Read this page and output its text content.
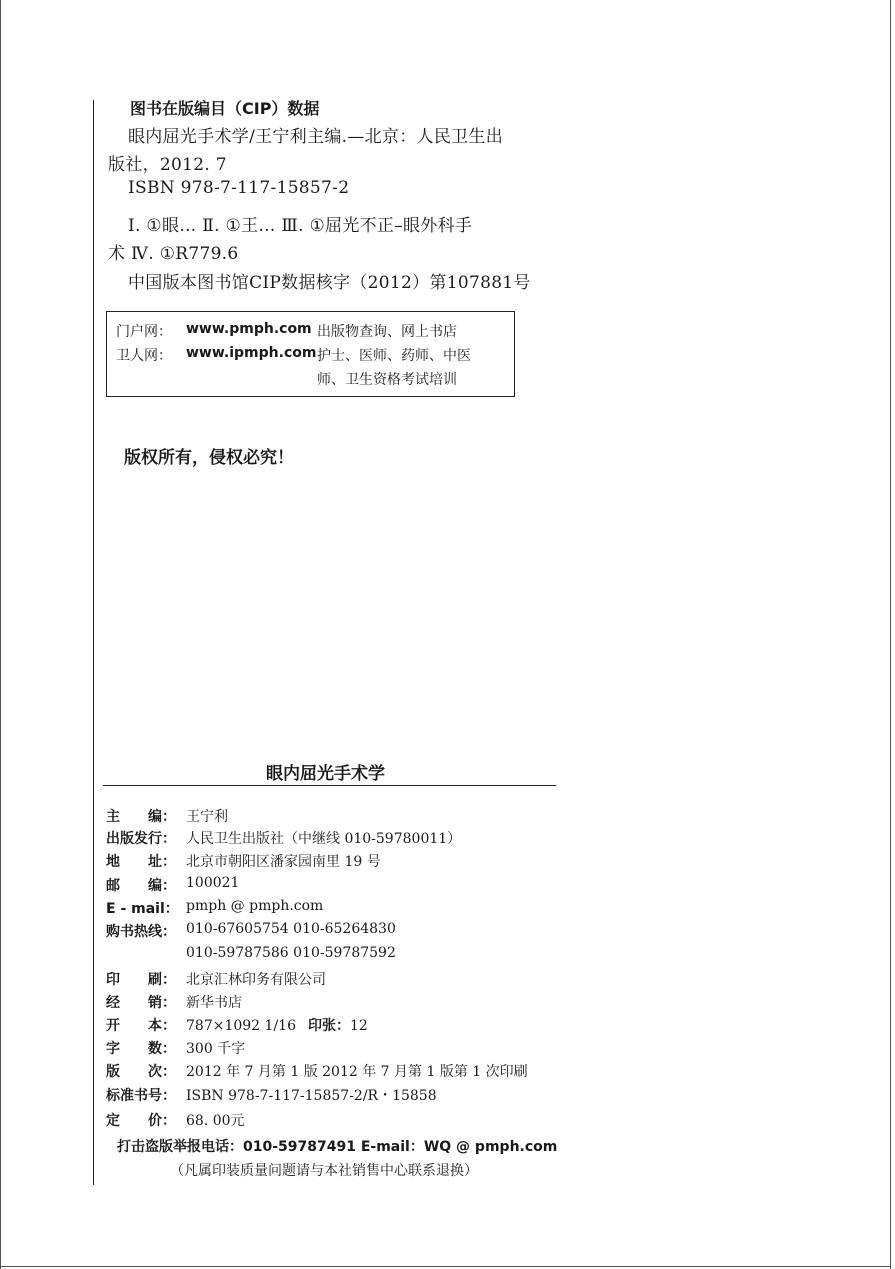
图书在版编目（CIP）数据
眼内屈光手术学/王宁利主编.—北京：人民卫生出
版社，2012. 7
ISBN 978-7-117-15857-2
Ⅰ. ①眼… Ⅱ. ①王… Ⅲ. ①屈光不正–眼外科手
术 Ⅳ. ①R779.6
中国版本图书馆CIP数据核字（2012）第107881号
门户网： www.pmph.com 出版物查询、网上书店
卫人网： www.ipmph.com 护士、医师、药师、中医
师、卫生资格考试培训
版权所有，侵权必究！
眼内屈光手术学
主　　编： 王宁利
出版发行： 人民卫生出版社（中继线 010-59780011）
地　　址： 北京市朝阳区潘家园南里 19 号
邮　　编： 100021
E - mail： pmph @ pmph.com
购书热线： 010-67605754 010-65264830
010-59787586 010-59787592
印　　刷： 北京汇林印务有限公司
经　　销： 新华书店
开　　本： 787×1092 1/16 印张：12
字　　数： 300 千字
版　　次： 2012 年 7 月第 1 版 2012 年 7 月第 1 版第 1 次印刷
标准书号： ISBN 978-7-117-15857-2/R・15858
定　　价： 68. 00元
打击盗版举报电话：010-59787491 E-mail：WQ @ pmph.com
（凡属印装质量问题请与本社销售中心联系退换）
